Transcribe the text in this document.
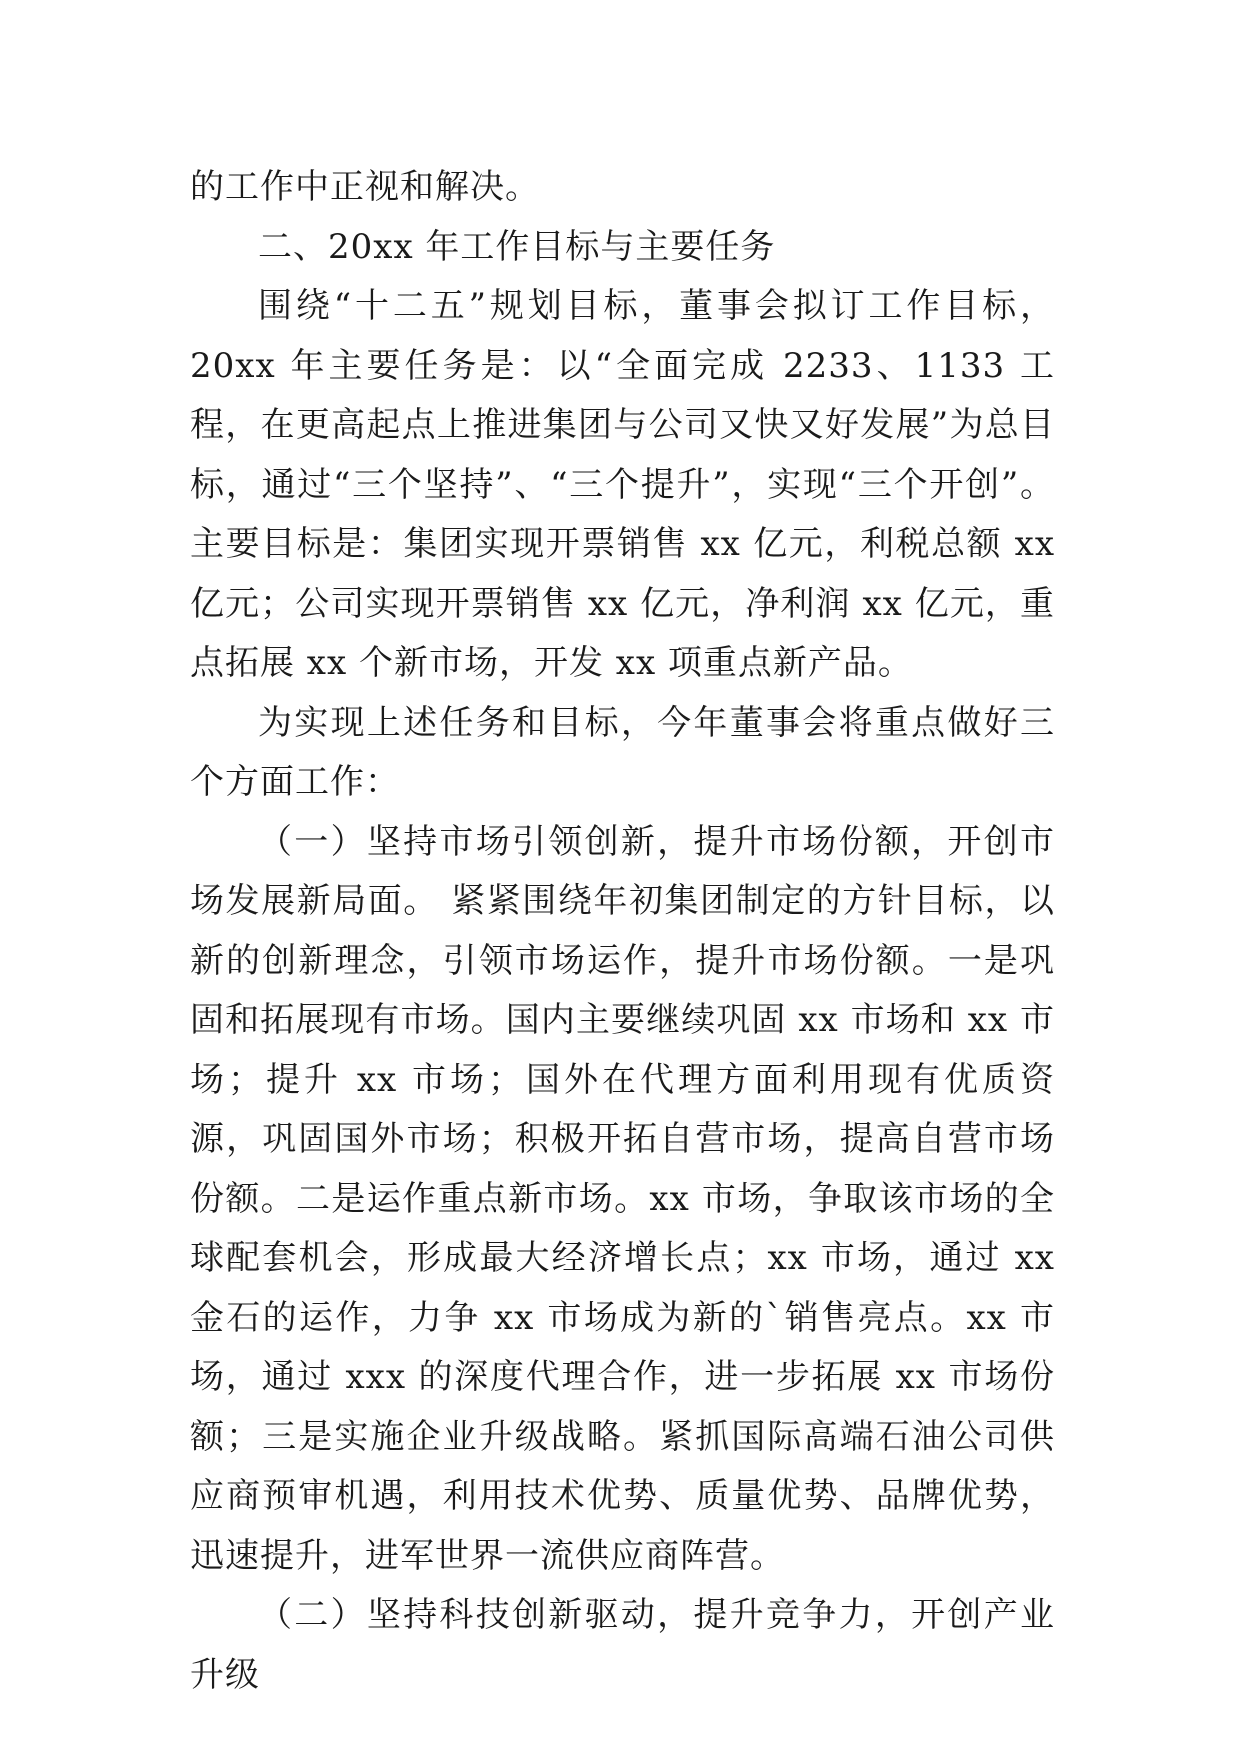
的工作中正视和解决。

二、20xx 年工作目标与主要任务

围绕“十二五”规划目标，董事会拟订工作目标，20xx 年主要任务是：以“全面完成 2233、1133 工程，在更高起点上推进集团与公司又快又好发展”为总目标，通过“三个坚持”、“三个提升”，实现“三个开创”。主要目标是：集团实现开票销售 xx 亿元，利税总额 xx 亿元；公司实现开票销售 xx 亿元，净利润 xx 亿元，重点拓展 xx 个新市场，开发 xx 项重点新产品。

为实现上述任务和目标，今年董事会将重点做好三个方面工作：

（一）坚持市场引领创新，提升市场份额，开创市场发展新局面。 紧紧围绕年初集团制定的方针目标，以新的创新理念，引领市场运作，提升市场份额。一是巩固和拓展现有市场。国内主要继续巩固 xx 市场和 xx 市场；提升 xx 市场；国外在代理方面利用现有优质资源，巩固国外市场；积极开拓自营市场，提高自营市场份额。二是运作重点新市场。xx 市场，争取该市场的全球配套机会，形成最大经济增长点；xx 市场，通过 xx 金石的运作，力争 xx 市场成为新的`销售亮点。xx 市场，通过 xxx 的深度代理合作，进一步拓展 xx 市场份额；三是实施企业升级战略。紧抓国际高端石油公司供应商预审机遇，利用技术优势、质量优势、品牌优势，迅速提升，进军世界一流供应商阵营。

（二）坚持科技创新驱动，提升竞争力，开创产业升级
